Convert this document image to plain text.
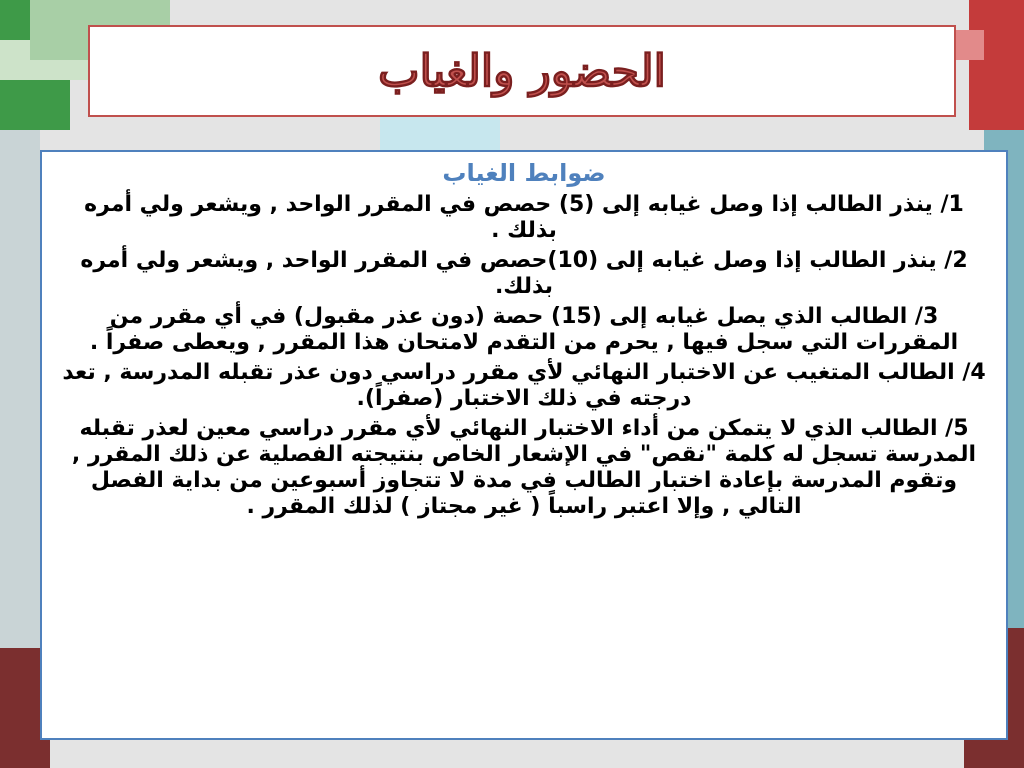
الحضور والغياب
ضوابط الغياب

1/ ينذر الطالب إذا وصل غيابه إلى (5) حصص في المقرر الواحد , ويشعر ولي أمره بذلك .

2/ ينذر الطالب إذا وصل غيابه إلى (10)حصص في المقرر الواحد , ويشعر ولي أمره بذلك.

3/ الطالب الذي يصل غيابه إلى (15) حصة (دون عذر مقبول) في أي مقرر من المقررات التي سجل فيها , يحرم من التقدم لامتحان هذا المقرر , ويعطى صفراً .

4/ الطالب المتغيب عن الاختبار النهائي لأي مقرر دراسي دون عذر تقبله المدرسة , تعد درجته في ذلك الاختبار (صفراً).

5/ الطالب الذي لا يتمكن من أداء الاختبار النهائي لأي مقرر دراسي معين لعذر تقبله المدرسة تسجل له كلمة "نقص" في الإشعار الخاص بنتيجته الفصلية عن ذلك المقرر , وتقوم المدرسة بإعادة اختبار الطالب في مدة لا تتجاوز أسبوعين من بداية الفصل التالي , وإلا اعتبر راسباً ( غير مجتاز ) لذلك المقرر .
